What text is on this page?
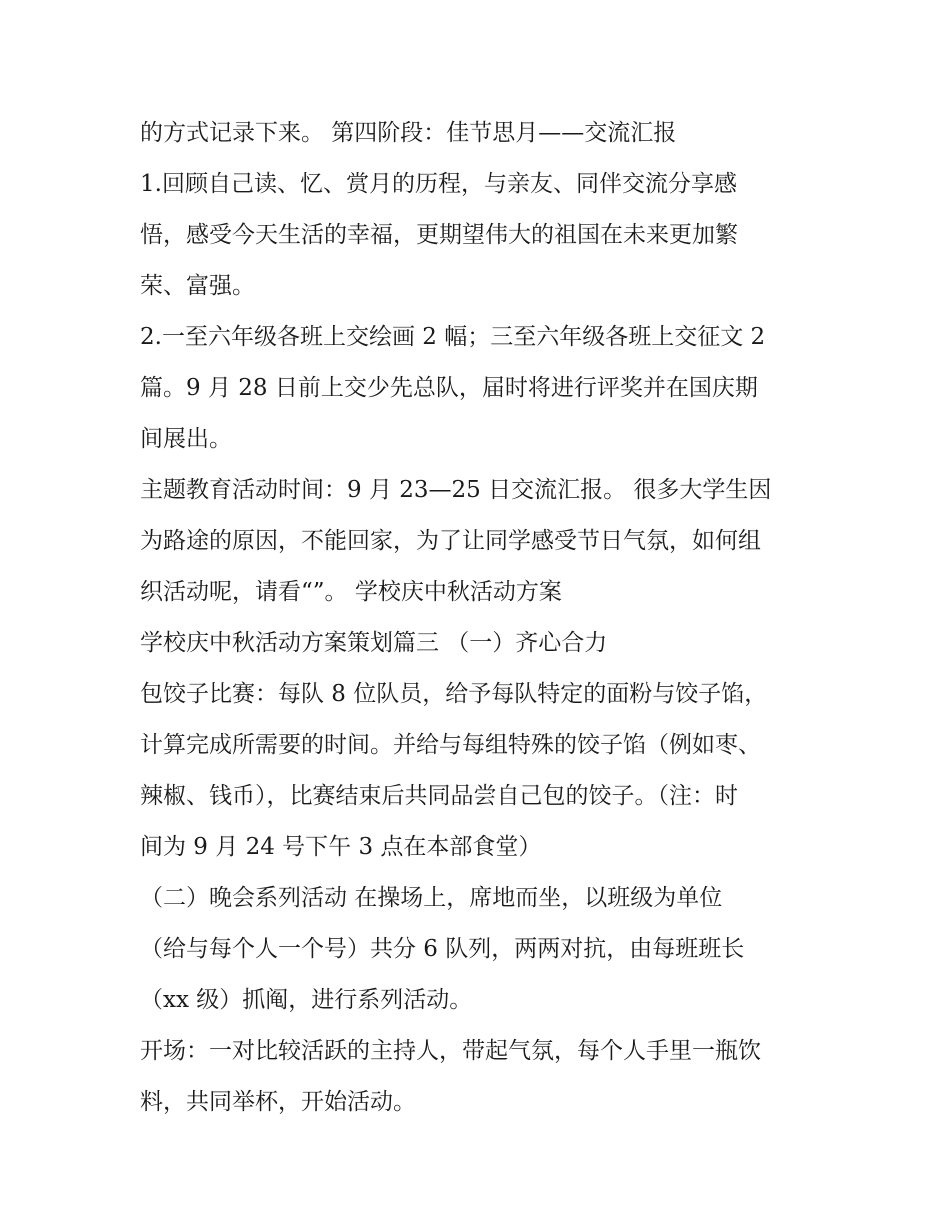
的方式记录下来。 第四阶段：佳节思月——交流汇报
1.回顾自己读、忆、赏月的历程，与亲友、同伴交流分享感
悟，感受今天生活的幸福，更期望伟大的祖国在未来更加繁
荣、富强。
2.一至六年级各班上交绘画 2 幅；三至六年级各班上交征文 2
篇。9 月 28 日前上交少先总队，届时将进行评奖并在国庆期
间展出。
主题教育活动时间：9 月 23—25 日交流汇报。 很多大学生因
为路途的原因，不能回家，为了让同学感受节日气氛，如何组
织活动呢，请看“”。 学校庆中秋活动方案
学校庆中秋活动方案策划篇三 （一）齐心合力
包饺子比赛：每队 8 位队员，给予每队特定的面粉与饺子馅，
计算完成所需要的时间。并给与每组特殊的饺子馅（例如枣、
辣椒、钱币），比赛结束后共同品尝自己包的饺子。（注：时
间为 9 月 24 号下午 3 点在本部食堂）
（二）晚会系列活动 在操场上，席地而坐，以班级为单位
（给与每个人一个号）共分 6 队列，两两对抗，由每班班长
（xx 级）抓阄，进行系列活动。
开场：一对比较活跃的主持人，带起气氛，每个人手里一瓶饮
料，共同举杯，开始活动。
